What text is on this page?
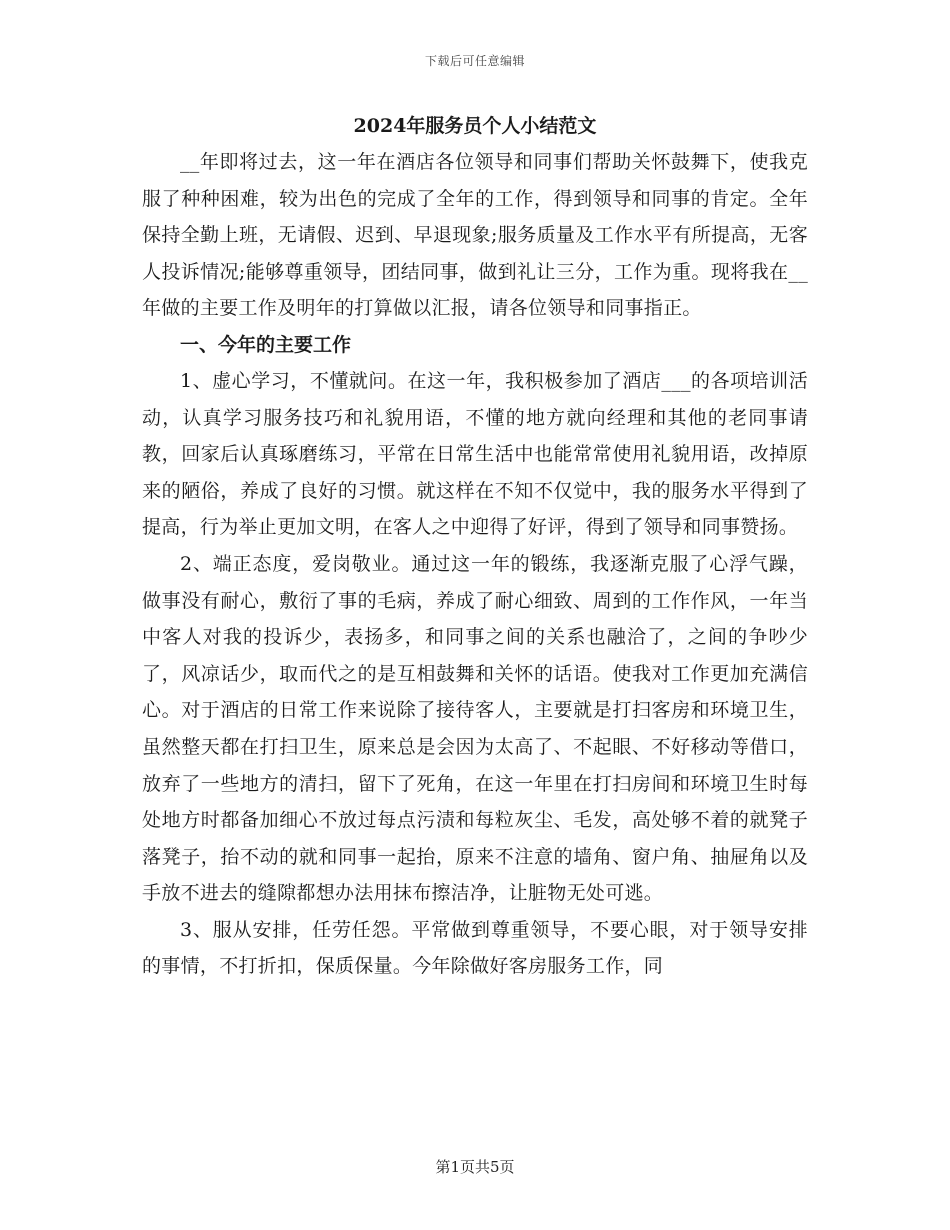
下载后可任意编辑

2024年服务员个人小结范文

__年即将过去，这一年在酒店各位领导和同事们帮助关怀鼓舞下，使我克服了种种困难，较为出色的完成了全年的工作，得到领导和同事的肯定。全年保持全勤上班，无请假、迟到、早退现象;服务质量及工作水平有所提高，无客人投诉情况;能够尊重领导，团结同事，做到礼让三分，工作为重。现将我在__年做的主要工作及明年的打算做以汇报，请各位领导和同事指正。

一、今年的主要工作

1、虚心学习，不懂就问。在这一年，我积极参加了酒店___的各项培训活动，认真学习服务技巧和礼貌用语，不懂的地方就向经理和其他的老同事请教，回家后认真琢磨练习，平常在日常生活中也能常常使用礼貌用语，改掉原来的陋俗，养成了良好的习惯。就这样在不知不仅觉中，我的服务水平得到了提高，行为举止更加文明，在客人之中迎得了好评，得到了领导和同事赞扬。

2、端正态度，爱岗敬业。通过这一年的锻练，我逐渐克服了心浮气躁，做事没有耐心，敷衍了事的毛病，养成了耐心细致、周到的工作作风，一年当中客人对我的投诉少，表扬多，和同事之间的关系也融洽了，之间的争吵少了，风凉话少，取而代之的是互相鼓舞和关怀的话语。使我对工作更加充满信心。对于酒店的日常工作来说除了接待客人，主要就是打扫客房和环境卫生，虽然整天都在打扫卫生，原来总是会因为太高了、不起眼、不好移动等借口，放弃了一些地方的清扫，留下了死角，在这一年里在打扫房间和环境卫生时每处地方时都备加细心不放过每点污渍和每粒灰尘、毛发，高处够不着的就凳子落凳子，抬不动的就和同事一起抬，原来不注意的墙角、窗户角、抽屉角以及手放不进去的缝隙都想办法用抹布擦洁净，让脏物无处可逃。

3、服从安排，任劳任怨。平常做到尊重领导，不要心眼，对于领导安排的事情，不打折扣，保质保量。今年除做好客房服务工作，同

第1页共5页
